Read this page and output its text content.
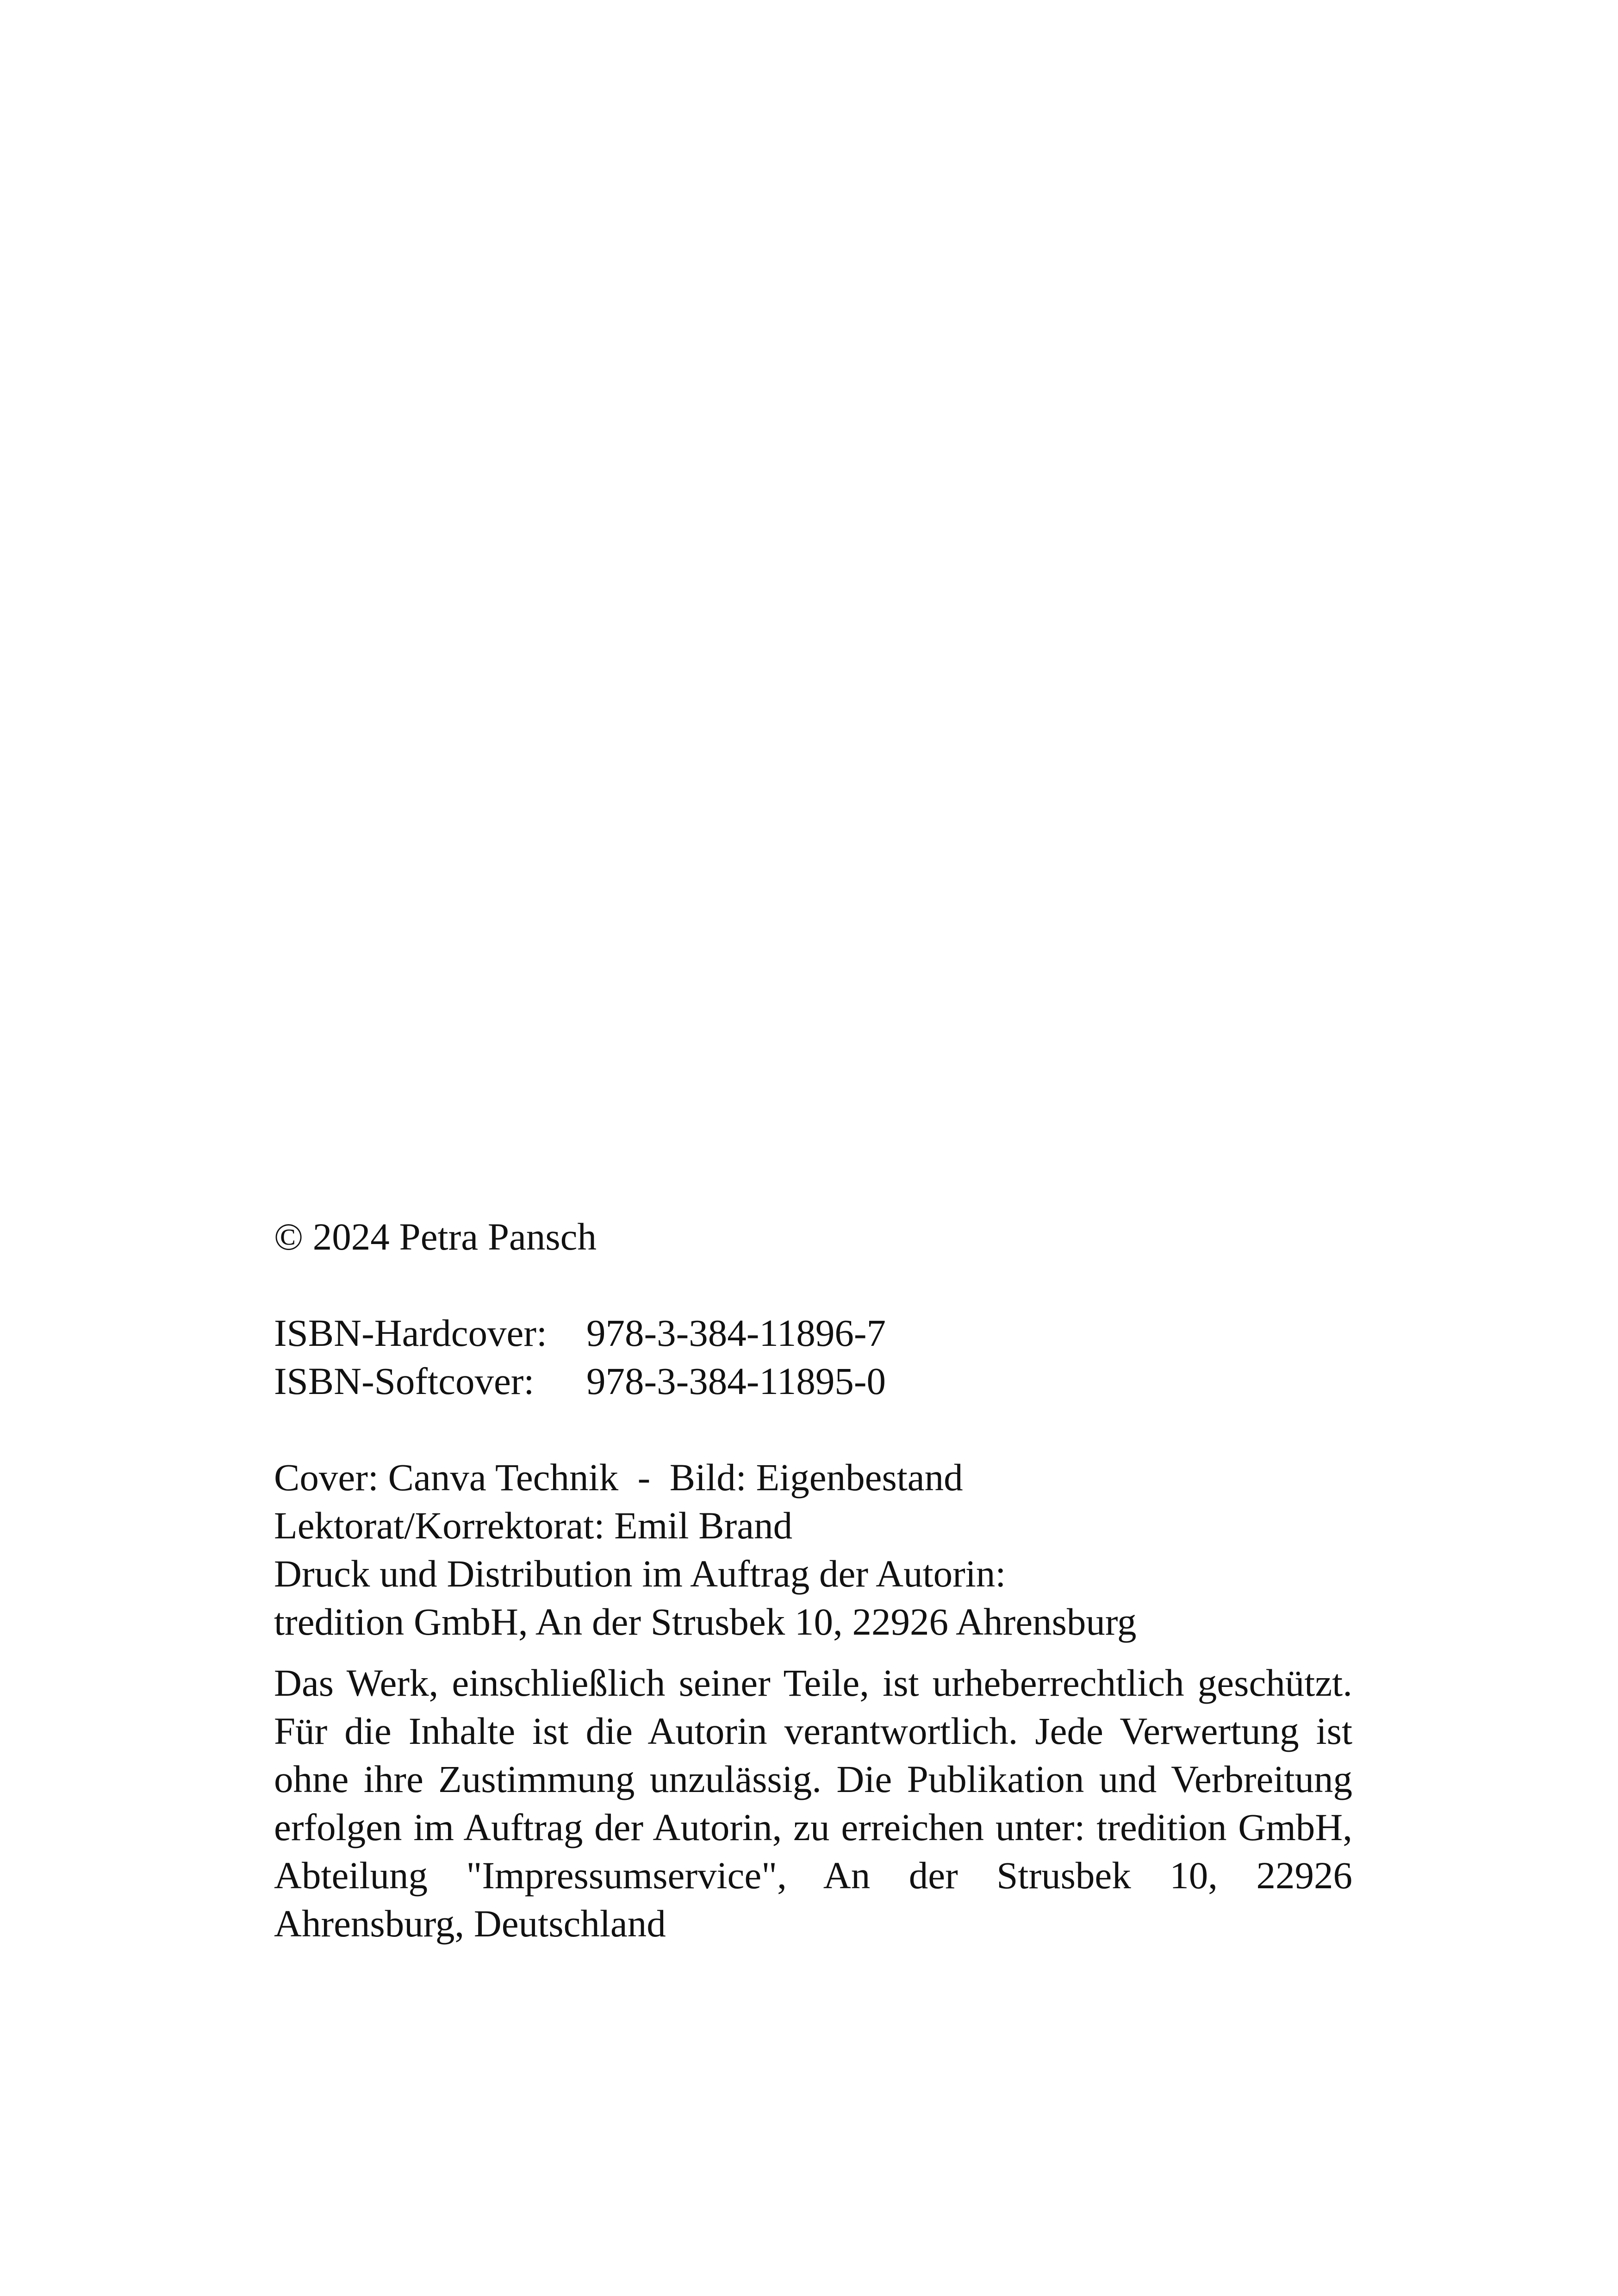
© 2024 Petra Pansch
ISBN-Hardcover:	978-3-384-11896-7
ISBN-Softcover:	978-3-384-11895-0
Cover: Canva Technik  -  Bild: Eigenbestand
Lektorat/Korrektorat: Emil Brand
Druck und Distribution im Auftrag der Autorin:
tredition GmbH, An der Strusbek 10, 22926 Ahrensburg

Das Werk, einschließlich seiner Teile, ist urheberrechtlich geschützt. Für die Inhalte ist die Autorin verantwortlich. Jede Verwertung ist ohne ihre Zustimmung unzulässig. Die Publikation und Verbreitung erfolgen im Auftrag der Autorin, zu erreichen unter: tredition GmbH, Abteilung "Impressumservice", An der Strusbek 10, 22926 Ahrensburg, Deutschland
